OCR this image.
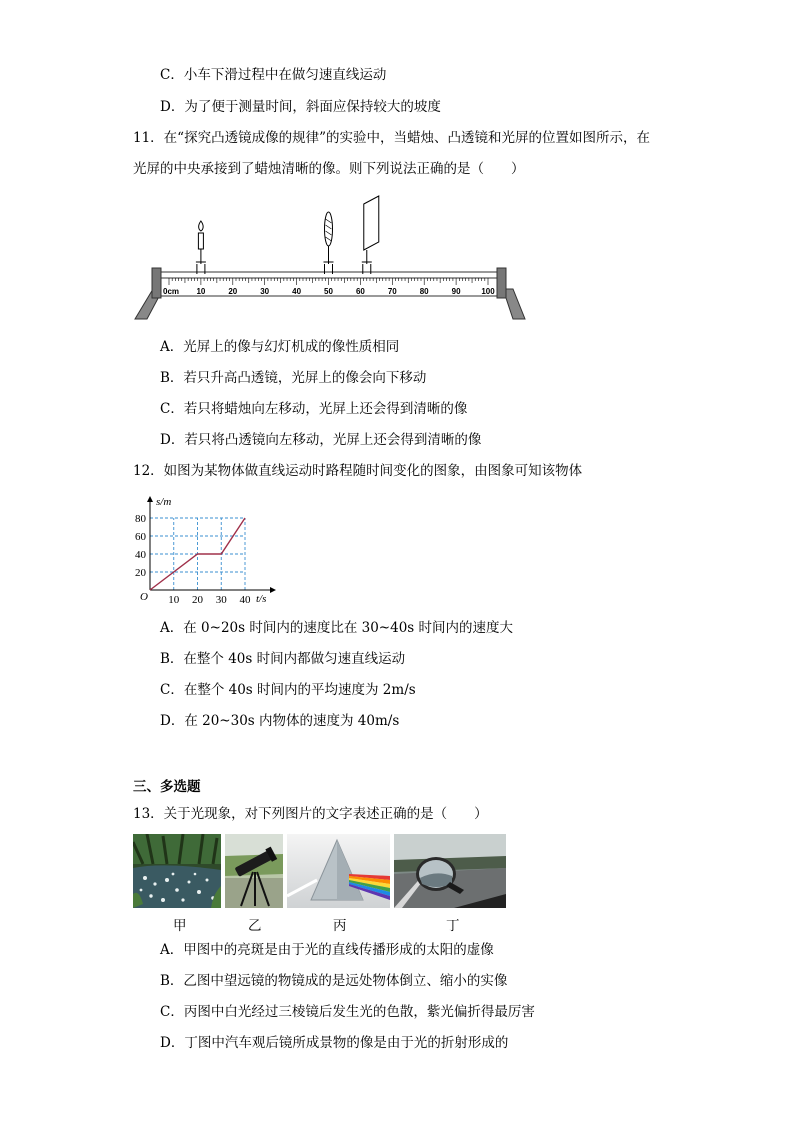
C．小车下滑过程中在做匀速直线运动
D．为了便于测量时间，斜面应保持较大的坡度
11．在“探究凸透镜成像的规律”的实验中，当蜡烛、凸透镜和光屏的位置如图所示，在
光屏的中央承接到了蜡烛清晰的像。则下列说法正确的是（　　）
0cm 10	20	30	40	50	60	70	80	90	100
A．光屏上的像与幻灯机成的像性质相同
B．若只升高凸透镜，光屏上的像会向下移动
C．若只将蜡烛向左移动，光屏上还会得到清晰的像
D．若只将凸透镜向左移动，光屏上还会得到清晰的像
12．如图为某物体做直线运动时路程随时间变化的图象，由图象可知该物体
10 20 30 40
20
40
60
80
s/m
t/s
O
A．在 0~20s 时间内的速度比在 30~40s 时间内的速度大
B．在整个 40s 时间内都做匀速直线运动
C．在整个 40s 时间内的平均速度为 2m/s
D．在 20~30s 内物体的速度为 40m/s
三、多选题
13．关于光现象，对下列图片的文字表述正确的是（　　）
甲	乙	丙	丁
A．甲图中的亮斑是由于光的直线传播形成的太阳的虚像
B．乙图中望远镜的物镜成的是远处物体倒立、缩小的实像
C．丙图中白光经过三棱镜后发生光的色散，紫光偏折得最厉害
D．丁图中汽车观后镜所成景物的像是由于光的折射形成的
